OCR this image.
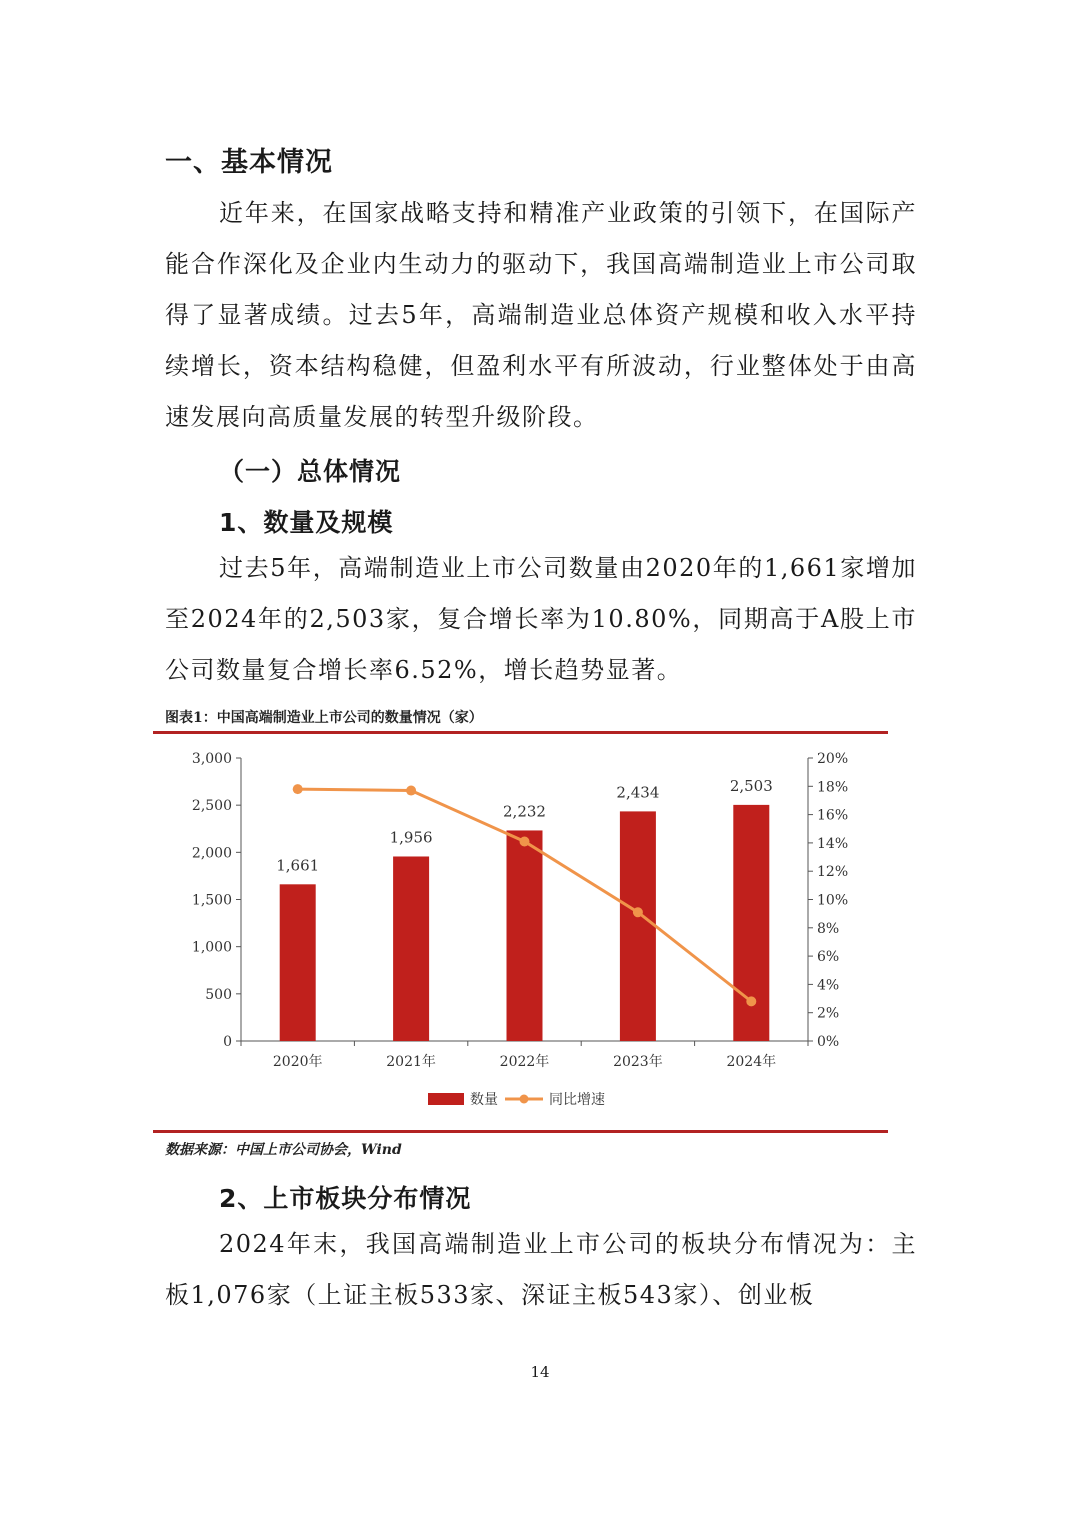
一、基本情况

近年来，在国家战略支持和精准产业政策的引领下，在国际产能合作深化及企业内生动力的驱动下，我国高端制造业上市公司取得了显著成绩。过去5年，高端制造业总体资产规模和收入水平持续增长，资本结构稳健，但盈利水平有所波动，行业整体处于由高速发展向高质量发展的转型升级阶段。

（一）总体情况
1、数量及规模

过去5年，高端制造业上市公司数量由2020年的1,661家增加至2024年的2,503家，复合增长率为10.80%，同期高于A股上市公司数量复合增长率6.52%，增长趋势显著。

图表1：中国高端制造业上市公司的数量情况（家）
0
500
1,000
1,500
2,000
2,500
3,000
0%
2%
4%
6%
8%
10%
12%
14%
16%
18%
20%
1,661
1,956
2,232
2,434	2,503
2020年	2021年	2022年	2023年	2024年
数量	同比增速
数据来源：中国上市公司协会，Wind
2、上市板块分布情况

2024年末，我国高端制造业上市公司的板块分布情况为：主板1,076家（上证主板533家、深证主板543家）、创业板

14
